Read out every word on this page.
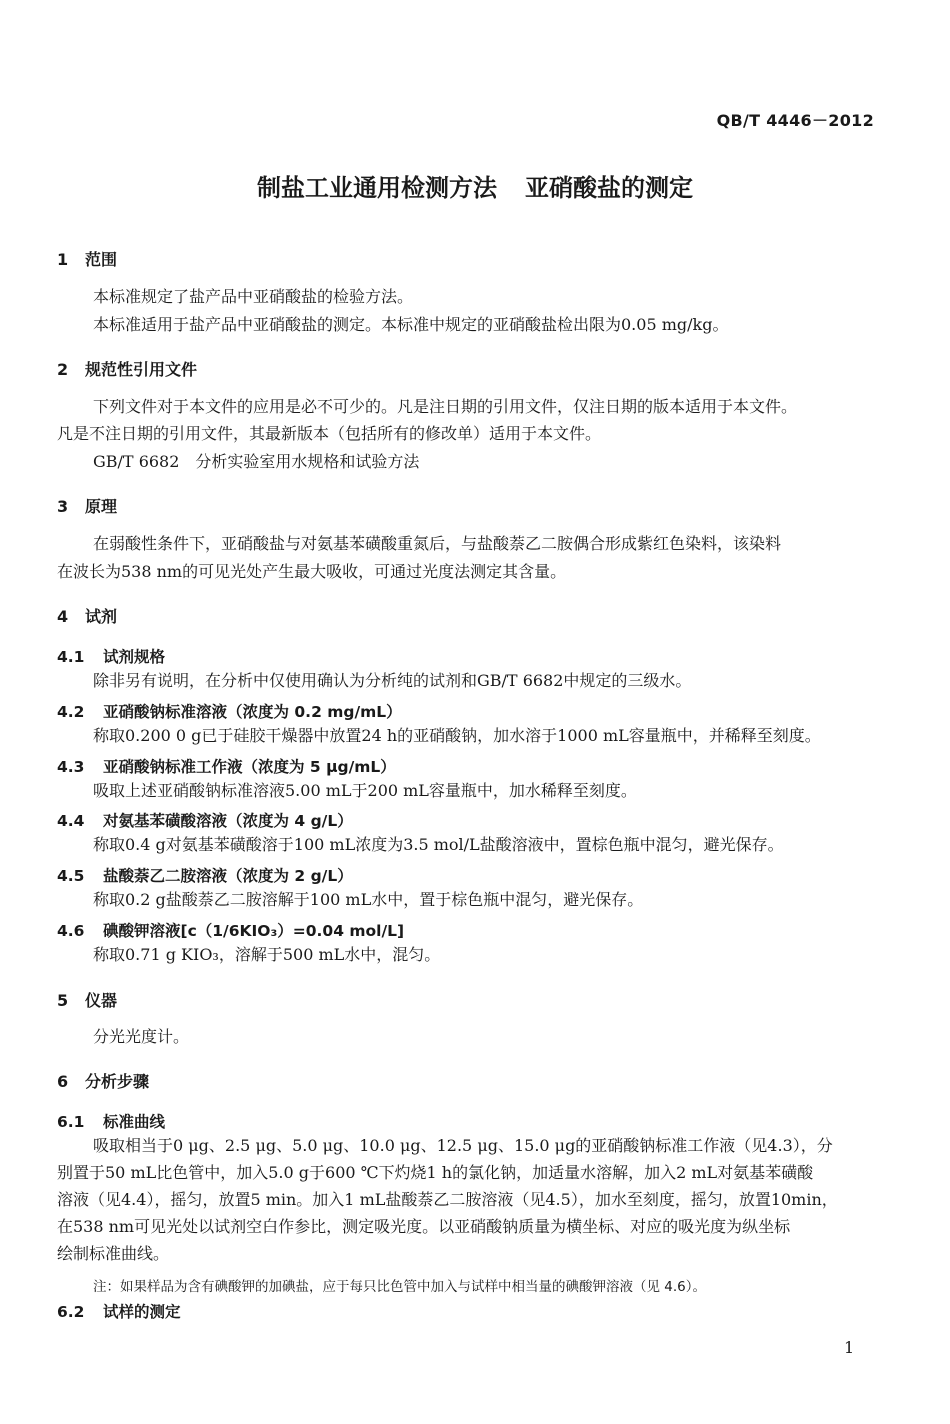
QB/T 4446－2012
制盐工业通用检测方法 亚硝酸盐的测定
1 范围
本标准规定了盐产品中亚硝酸盐的检验方法。
本标准适用于盐产品中亚硝酸盐的测定。本标准中规定的亚硝酸盐检出限为0.05 mg/kg。
2 规范性引用文件
下列文件对于本文件的应用是必不可少的。凡是注日期的引用文件，仅注日期的版本适用于本文件。
凡是不注日期的引用文件，其最新版本（包括所有的修改单）适用于本文件。
GB/T 6682　分析实验室用水规格和试验方法
3 原理
在弱酸性条件下，亚硝酸盐与对氨基苯磺酸重氮后，与盐酸萘乙二胺偶合形成紫红色染料，该染料
在波长为538 nm的可见光处产生最大吸收，可通过光度法测定其含量。
4 试剂
4.1 试剂规格
除非另有说明，在分析中仅使用确认为分析纯的试剂和GB/T 6682中规定的三级水。
4.2 亚硝酸钠标准溶液（浓度为 0.2 mg/mL）
称取0.200 0 g已于硅胶干燥器中放置24 h的亚硝酸钠，加水溶于1000 mL容量瓶中，并稀释至刻度。
4.3 亚硝酸钠标准工作液（浓度为 5 μg/mL）
吸取上述亚硝酸钠标准溶液5.00 mL于200 mL容量瓶中，加水稀释至刻度。
4.4 对氨基苯磺酸溶液（浓度为 4 g/L）
称取0.4 g对氨基苯磺酸溶于100 mL浓度为3.5 mol/L盐酸溶液中，置棕色瓶中混匀，避光保存。
4.5 盐酸萘乙二胺溶液（浓度为 2 g/L）
称取0.2 g盐酸萘乙二胺溶解于100 mL水中，置于棕色瓶中混匀，避光保存。
4.6 碘酸钾溶液[c（1/6KIO₃）=0.04 mol/L]
称取0.71 g KIO₃，溶解于500 mL水中，混匀。
5 仪器
分光光度计。
6 分析步骤
6.1 标准曲线
吸取相当于0 μg、2.5 μg、5.0 μg、10.0 μg、12.5 μg、15.0 μg的亚硝酸钠标准工作液（见4.3），分
别置于50 mL比色管中，加入5.0 g于600 ℃下灼烧1 h的氯化钠，加适量水溶解，加入2 mL对氨基苯磺酸
溶液（见4.4），摇匀，放置5 min。加入1 mL盐酸萘乙二胺溶液（见4.5），加水至刻度，摇匀，放置10min，
在538 nm可见光处以试剂空白作参比，测定吸光度。以亚硝酸钠质量为横坐标、对应的吸光度为纵坐标
绘制标准曲线。
注：如果样品为含有碘酸钾的加碘盐，应于每只比色管中加入与试样中相当量的碘酸钾溶液（见 4.6）。
6.2 试样的测定
1
